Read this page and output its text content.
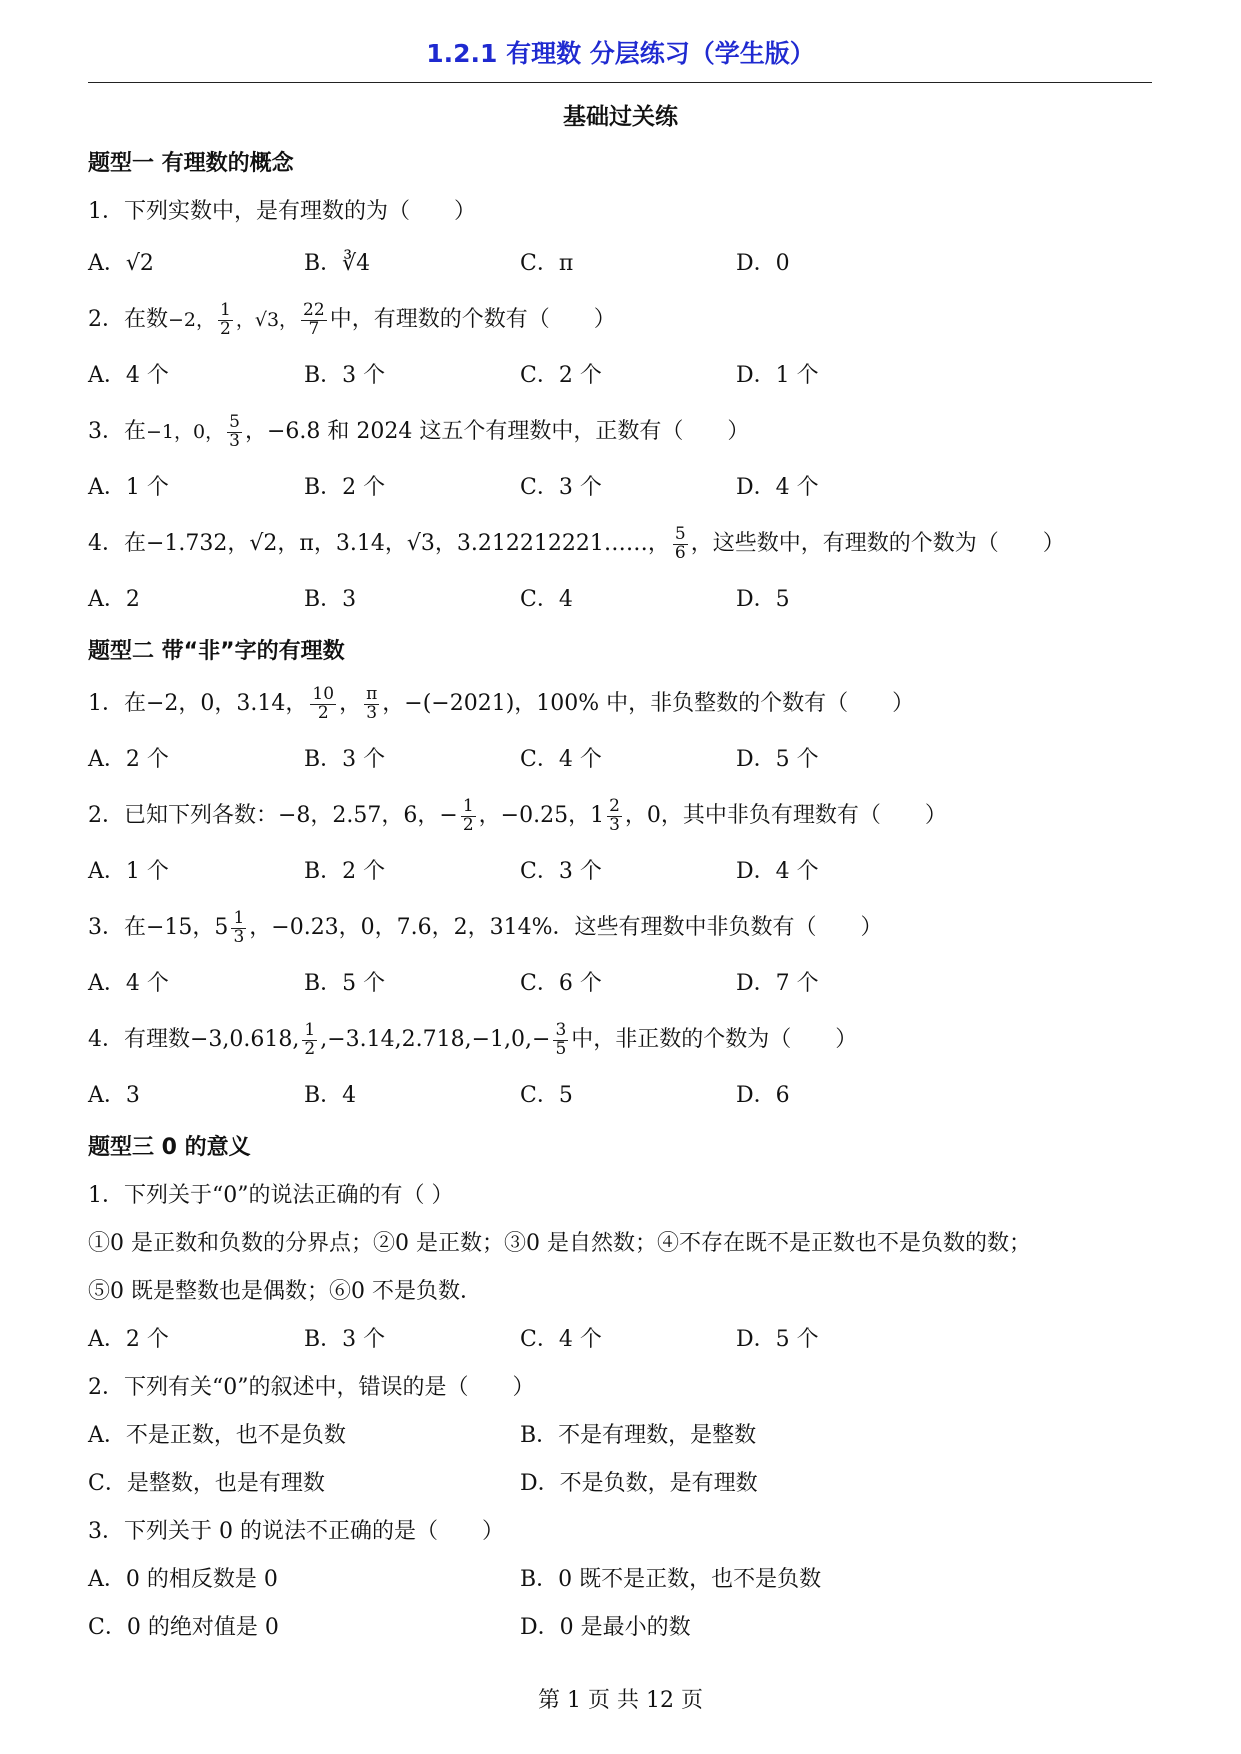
1.2.1 有理数 分层练习（学生版）
基础过关练
题型一 有理数的概念
1．下列实数中，是有理数的为（　　）
A．√2	B．∛4	C．π	D．0
2．在数 −2， $\frac{1}{2}$ ，√3， $\frac{22}{7}$ 中，有理数的个数有（　　）
A．4 个	B．3 个	C．2 个	D．1 个
3．在 −1，0， $\frac{5}{3}$ ，−6.8 和 2024 这五个有理数中，正数有（　　）
A．1 个	B．2 个	C．3 个	D．4 个
4．在−1.732，√2，π，3.14̇，√3，3.212212221……， $\frac{5}{6}$ ，这些数中，有理数的个数为（　　）
A．2	B．3	C．4	D．5
题型二 带“非”字的有理数
1．在−2，0，3.14， $\frac{10}{2}$ ， $\frac{\pi}{3}$ ，−(−2021)，100% 中，非负整数的个数有（　　）
A．2 个	B．3 个	C．4 个	D．5 个
2．已知下列各数：−8，2.57，6，− $\frac{1}{2}$ ，−0.25，$1 \frac{2}{3}$ ，0，其中非负有理数有（　　）
A．1 个	B．2 个	C．3 个	D．4 个
3．在−15，$5 \frac{1}{3}$ ，−0.23，0，7.6，2，314%．这些有理数中非负数有（　　）
A．4 个	B．5 个	C．6 个	D．7 个
4．有理数−3,0.618, $\frac{1}{2} ,-3.14,2.718,-1,0,- \frac{3}{5}$ 中，非正数的个数为（　　）
A．3	B．4	C．5	D．6
题型三 0 的意义
1．下列关于“0”的说法正确的有（ ）
①0 是正数和负数的分界点；②0 是正数；③0 是自然数；④不存在既不是正数也不是负数的数；
⑤0 既是整数也是偶数；⑥0 不是负数．
A．2 个	B．3 个	C．4 个	D．5 个
2．下列有关“0”的叙述中，错误的是（　　）
A．不是正数，也不是负数	B．不是有理数，是整数
C．是整数，也是有理数	D．不是负数，是有理数
3．下列关于 0 的说法不正确的是（　　）
A．0 的相反数是 0	B．0 既不是正数，也不是负数
C．0 的绝对值是 0	D．0 是最小的数
第 1 页 共 12 页
